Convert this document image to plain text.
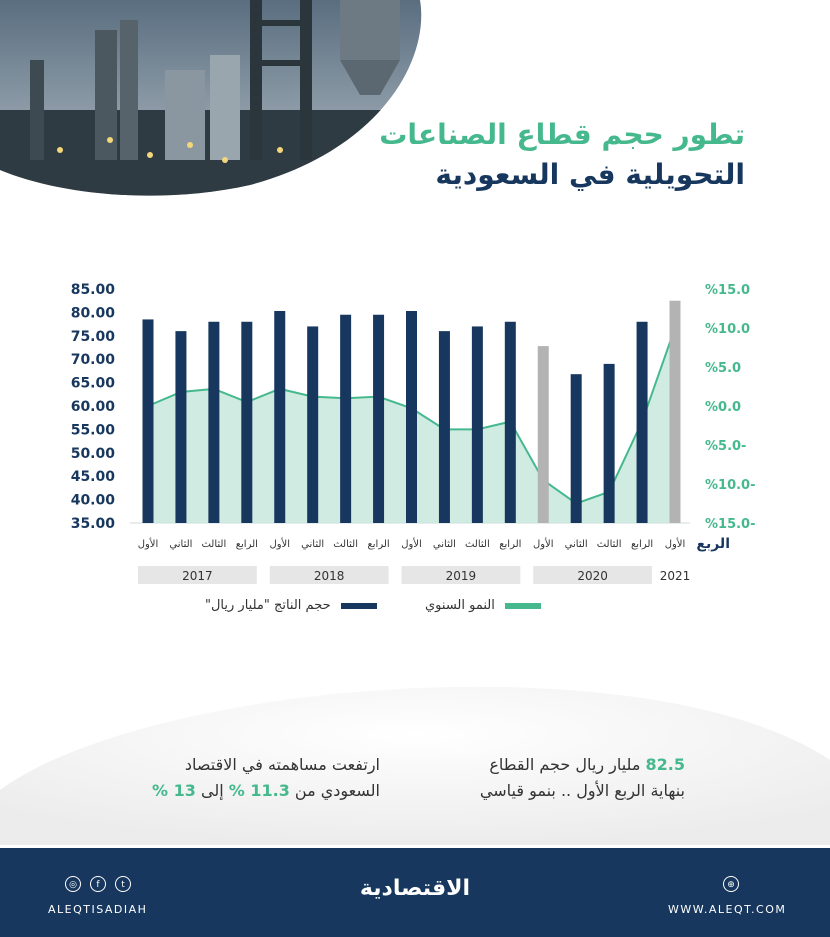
تطور حجم قطاع الصناعات
التحويلية في السعودية
85.00
80.00
75.00
70.00
65.00
60.00
55.00
50.00
45.00
40.00
35.00
%15.0
%10.0
%5.0
%0.0
%5.0-
%10.0-
%15.0-
الأول الثاني الثالث الرابع الأول الثاني الثالث الرابع الأول الثاني الثالث الرابع الأول الثاني الثالث الرابع الأول الربع
2017	2018	2019	2020	2021
النمو السنوي
حجم الناتج "مليار ريال"
82.5 مليار ريال حجم القطاع
بنهاية الربع الأول .. بنمو قياسي
ارتفعت مساهمته في الاقتصاد
السعودي من 11.3 % إلى 13 %
◎	f	t
ALEQTISADIAH
الاقتصادية	⊕
WWW.ALEQT.COM
